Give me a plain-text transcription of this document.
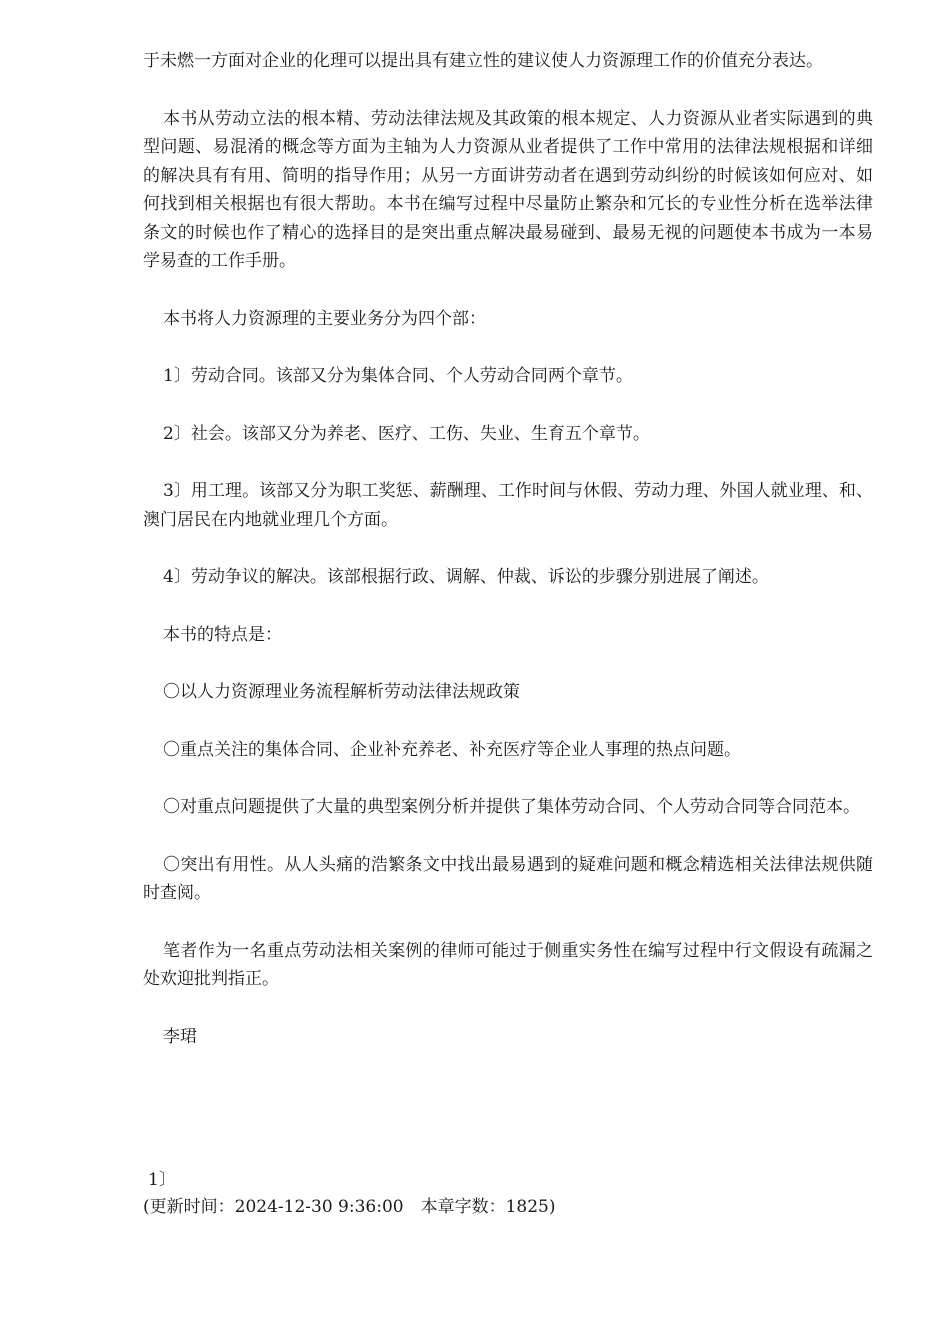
于未燃一方面对企业的化理可以提出具有建立性的建议使人力资源理工作的价值充分表达。

本书从劳动立法的根本精、劳动法律法规及其政策的根本规定、人力资源从业者实际遇到的典型问题、易混淆的概念等方面为主轴为人力资源从业者提供了工作中常用的法律法规根据和详细的解决具有有用、简明的指导作用；从另一方面讲劳动者在遇到劳动纠纷的时候该如何应对、如何找到相关根据也有很大帮助。本书在编写过程中尽量防止繁杂和冗长的专业性分析在选举法律条文的时候也作了精心的选择目的是突出重点解决最易碰到、最易无视的问题使本书成为一本易学易查的工作手册。

本书将人力资源理的主要业务分为四个部：

1〕劳动合同。该部又分为集体合同、个人劳动合同两个章节。

2〕社会。该部又分为养老、医疗、工伤、失业、生育五个章节。

3〕用工理。该部又分为职工奖惩、薪酬理、工作时间与休假、劳动力理、外国人就业理、和、澳门居民在内地就业理几个方面。

4〕劳动争议的解决。该部根据行政、调解、仲裁、诉讼的步骤分别进展了阐述。

本书的特点是：

〇以人力资源理业务流程解析劳动法律法规政策

〇重点关注的集体合同、企业补充养老、补充医疗等企业人事理的热点问题。

〇对重点问题提供了大量的典型案例分析并提供了集体劳动合同、个人劳动合同等合同范本。

〇突出有用性。从人头痛的浩繁条文中找出最易遇到的疑难问题和概念精选相关法律法规供随时查阅。

笔者作为一名重点劳动法相关案例的律师可能过于侧重实务性在编写过程中行文假设有疏漏之处欢迎批判指正。

李珺

1〕
(更新时间：2024-12-30 9:36:00　本章字数：1825)
